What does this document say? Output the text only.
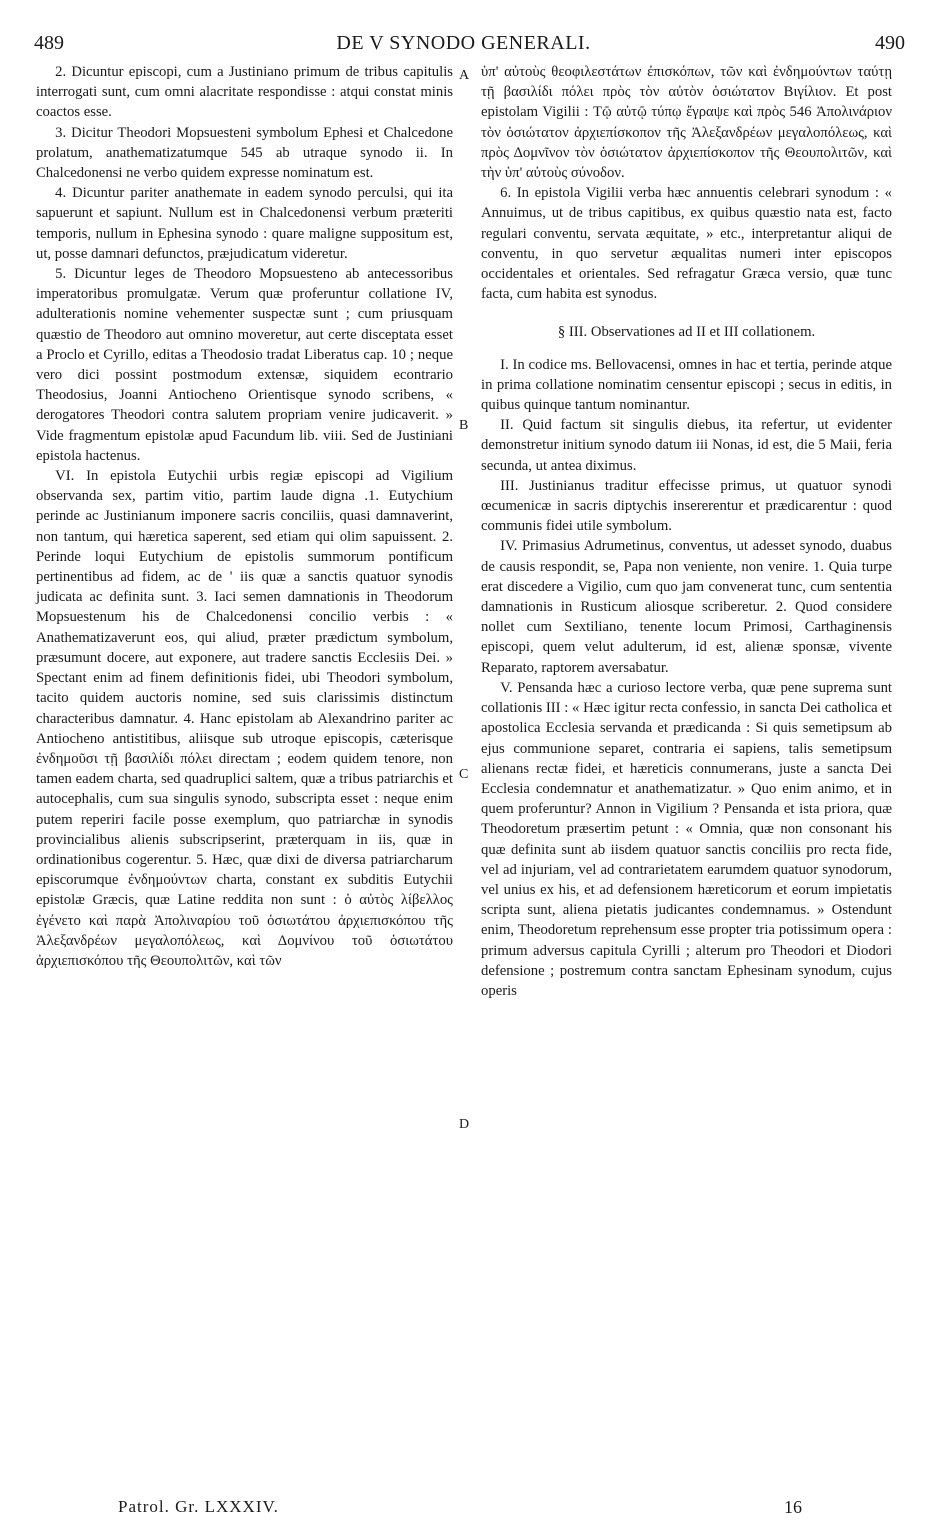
489	DE V SYNODO GENERALI.	490

2. Dicuntur episcopi, cum a Justiniano primum de tribus capitulis interrogati sunt, cum omni alacritate respondisse : atqui constat minis coactos esse.

3. Dicitur Theodori Mopsuesteni symbolum Ephesi et Chalcedone prolatum, anathematizatumque 545 ab utraque synodo ii. In Chalcedonensi ne verbo quidem expresse nominatum est.

4. Dicuntur pariter anathemate in eadem synodo perculsi, qui ita sapuerunt et sapiunt. Nullum est in Chalcedonensi verbum præteriti temporis, nullum in Ephesina synodo : quare maligne suppositum est, ut, posse damnari defunctos, præjudicatum videretur.

5. Dicuntur leges de Theodoro Mopsuesteno ab antecessoribus imperatoribus promulgatæ. Verum quæ proferuntur collatione IV, adulterationis nomine vehementer suspectæ sunt ; cum priusquam quæstio de Theodoro aut omnino moveretur, aut certe disceptata esset a Proclo et Cyrillo, editas a Theodosio tradat Liberatus cap. 10 ; neque vero dici possint postmodum extensæ, siquidem econtrario Theodosius, Joanni Antiocheno Orientisque synodo scribens, « derogatores Theodori contra salutem propriam venire judicaverit. » Vide fragmentum epistolæ apud Facundum lib. viii. Sed de Justiniani epistola hactenus.

VI. In epistola Eutychii urbis regiæ episcopi ad Vigilium observanda sex, partim vitio, partim laude digna .1. Eutychium perinde ac Justinianum imponere sacris conciliis, quasi damnaverint, non tantum, qui hæretica saperent, sed etiam qui olim sapuissent. 2. Perinde loqui Eutychium de epistolis summorum pontificum pertinentibus ad fidem, ac de ' iis quæ a sanctis quatuor synodis judicata ac definita sunt. 3. Iaci semen damnationis in Theodorum Mopsuestenum his de Chalcedonensi concilio verbis : « Anathematizaverunt eos, qui aliud, præter prædictum symbolum, præsumunt docere, aut exponere, aut tradere sanctis Ecclesiis Dei. » Spectant enim ad finem definitionis fidei, ubi Theodori symbolum, tacito quidem auctoris nomine, sed suis clarissimis distinctum characteribus damnatur. 4. Hanc epistolam ab Alexandrino pariter ac Antiocheno antistitibus, aliisque sub utroque episcopis, cæterisque ἐνδημοῦσι τῇ βασιλίδι πόλει directam ; eodem quidem tenore, non tamen eadem charta, sed quadruplici saltem, quæ a tribus patriarchis et autocephalis, cum sua singulis synodo, subscripta esset : neque enim putem reperiri facile posse exemplum, quo patriarchæ in synodis provincialibus alienis subscripserint, præterquam in iis, quæ in ordinationibus cogerentur. 5. Hæc, quæ dixi de diversa patriarcharum episcorumque ἐνδημούντων charta, constant ex subditis Eutychii epistolæ Græcis, quæ Latine reddita non sunt : ὁ αὐτὸς λίβελλος ἐγένετο καὶ παρὰ Ἀπολιναρίου τοῦ ὁσιωτάτου ἀρχιεπισκόπου τῆς Ἀλεξανδρέων μεγαλοπόλεως, καὶ Δομνίνου τοῦ ὁσιωτάτου ἀρχιεπισκόπου τῆς Θεουπολιτῶν, καὶ τῶν

A
B
C
D

ὑπ' αὐτοὺς θεοφιλεστάτων ἐπισκόπων, τῶν καὶ ἐνδημούντων ταύτῃ τῇ βασιλίδι πόλει πρὸς τὸν αὐτὸν ὁσιώτατον Βιγίλιον. Et post epistolam Vigilii : Τῷ αὐτῷ τύπῳ ἔγραψε καὶ πρὸς 546 Ἀπολινάριον τὸν ὁσιώτατον ἀρχιεπίσκοπον τῆς Ἀλεξανδρέων μεγαλοπόλεως, καὶ πρὸς Δομνῖνον τὸν ὁσιώτατον ἀρχιεπίσκοπον τῆς Θεουπολιτῶν, καὶ τὴν ὑπ' αὐτοὺς σύνοδον.

6. In epistola Vigilii verba hæc annuentis celebrari synodum : « Annuimus, ut de tribus capitibus, ex quibus quæstio nata est, facto regulari conventu, servata æquitate, » etc., interpretantur aliqui de conventu, in quo servetur æqualitas numeri inter episcopos occidentales et orientales. Sed refragatur Græca versio, quæ tunc facta, cum habita est synodus.

§ III. Observationes ad II et III collationem.

I. In codice ms. Bellovacensi, omnes in hac et tertia, perinde atque in prima collatione nominatim censentur episcopi ; secus in editis, in quibus quinque tantum nominantur.

II. Quid factum sit singulis diebus, ita refertur, ut evidenter demonstretur initium synodo datum iii Nonas, id est, die 5 Maii, feria secunda, ut antea diximus.

III. Justinianus traditur effecisse primus, ut quatuor synodi œcumenicæ in sacris diptychis insererentur et prædicarentur : quod communis fidei utile symbolum.

IV. Primasius Adrumetinus, conventus, ut adesset synodo, duabus de causis respondit, se, Papa non veniente, non venire. 1. Quia turpe erat discedere a Vigilio, cum quo jam convenerat tunc, cum sententia damnationis in Rusticum aliosque scriberetur. 2. Quod considere nollet cum Sextiliano, tenente locum Primosi, Carthaginensis episcopi, quem velut adulterum, id est, alienæ sponsæ, vivente Reparato, raptorem aversabatur.

V. Pensanda hæc a curioso lectore verba, quæ pene suprema sunt collationis III : « Hæc igitur recta confessio, in sancta Dei catholica et apostolica Ecclesia servanda et prædicanda : Si quis semetipsum ab ejus communione separet, contraria ei sapiens, talis semetipsum alienans rectæ fidei, et hæreticis connumerans, juste a sancta Dei Ecclesia condemnatur et anathematizatur. » Quo enim animo, et in quem proferuntur? Annon in Vigilium ? Pensanda et ista priora, quæ Theodoretum præsertim petunt : « Omnia, quæ non consonant his quæ definita sunt ab iisdem quatuor sanctis conciliis pro recta fide, vel ad injuriam, vel ad contrarietatem earumdem quatuor synodorum, vel unius ex his, et ad defensionem hæreticorum et eorum impietatis scripta sunt, aliena pietatis judicantes condemnamus. » Ostendunt enim, Theodoretum reprehensum esse propter tria potissimum opera : primum adversus capitula Cyrilli ; alterum pro Theodori et Diodori defensione ; postremum contra sanctam Ephesinam synodum, cujus operis

Patrol. Gr. LXXXIV.	16
